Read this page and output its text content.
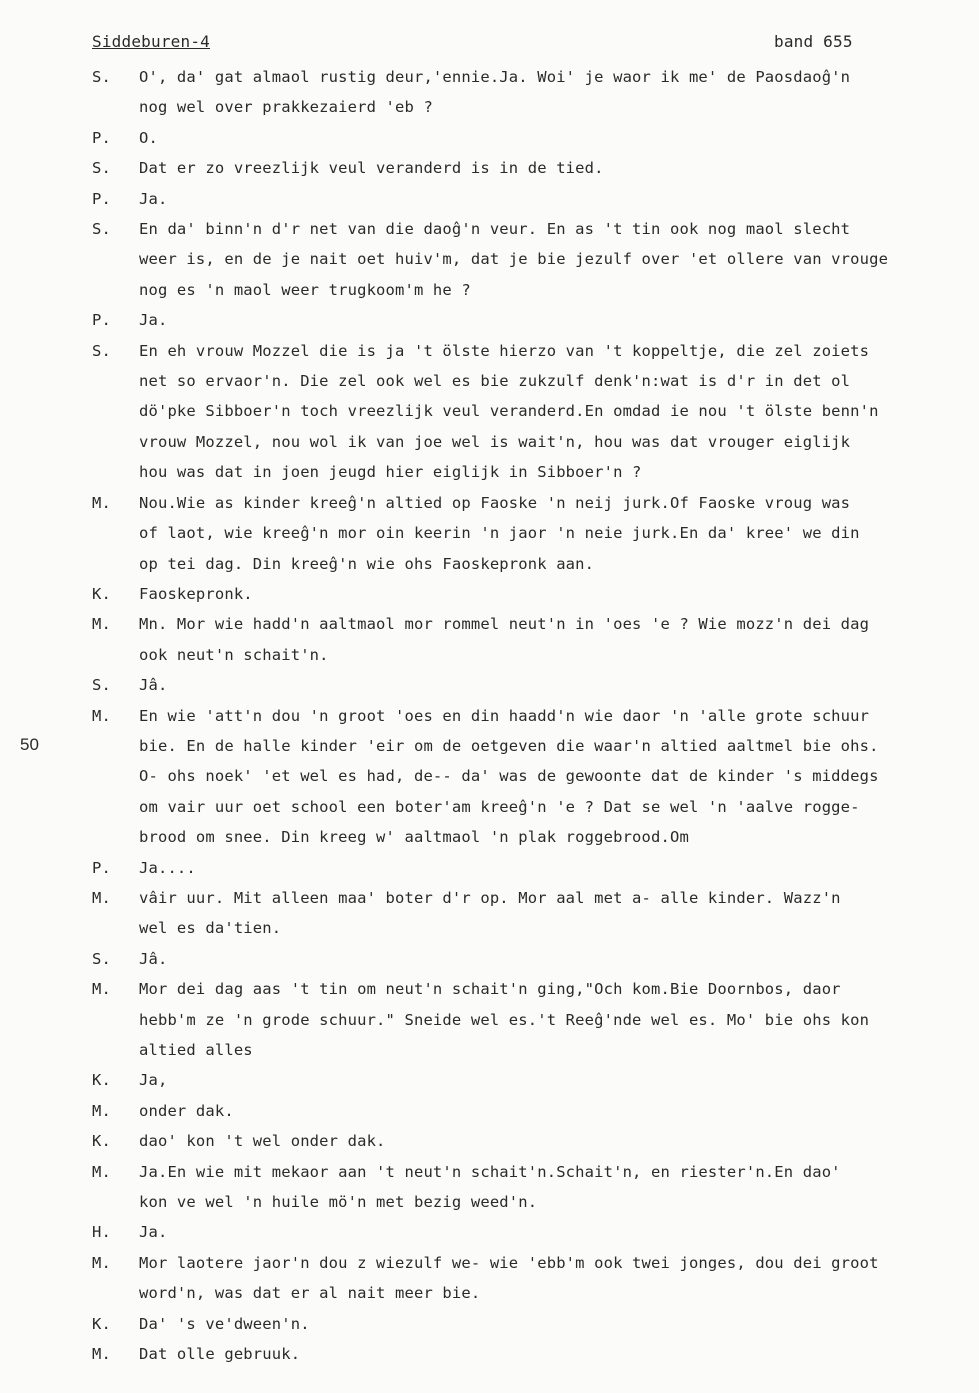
Siddeburen-4	band 655
50
S.	O', da' gat almaol rustig deur,'ennie.Ja. Woi' je waor ik me' de Paosdaoĝ'n
nog wel over prakkezaierd 'eb ?
P.	O.
S.	Dat er zo vreezlijk veul veranderd is in de tied.
P.	Ja.
S.	En da' binn'n d'r net van die daoĝ'n veur. En as 't tin ook nog maol slecht
weer is, en de je nait oet huiv'm, dat je bie jezulf over 'et ollere van vrouge
nog es 'n maol weer trugkoom'm he ?
P.	Ja.
S.	En eh vrouw Mozzel die is ja 't ölste hierzo van 't koppeltje, die zel zoiets
net so ervaor'n. Die zel ook wel es bie zukzulf denk'n:wat is d'r in det ol
dö'pke Sibboer'n toch vreezlijk veul veranderd.En omdad ie nou 't ölste benn'n
vrouw Mozzel, nou wol ik van joe wel is wait'n, hou was dat vrouger eiglijk
hou was dat in joen jeugd hier eiglijk in Sibboer'n ?
M.	Nou.Wie as kinder kreeĝ'n altied op Faoske 'n neij jurk.Of Faoske vroug was
of laot, wie kreeĝ'n mor oin keerin 'n jaor 'n neie jurk.En da' kree' we din
op tei dag. Din kreeĝ'n wie ohs Faoskepronk aan.
K.	Faoskepronk.
M.	Mn. Mor wie hadd'n aaltmaol mor rommel neut'n in 'oes 'e ? Wie mozz'n dei dag
ook neut'n schait'n.
S.	Jâ.
M.	En wie 'att'n dou 'n groot 'oes en din haadd'n wie daor 'n 'alle grote schuur
bie. En de halle kinder 'eir om de oetgeven die waar'n altied aaltmel bie ohs.
O- ohs noek' 'et wel es had, de-- da' was de gewoonte dat de kinder 's middegs
om vair uur oet school een boter'am kreeĝ'n 'e ? Dat se wel 'n 'aalve rogge-
brood om snee. Din kreeg w' aaltmaol 'n plak roggebrood.Om
P.	Ja....
M.	vâir uur. Mit alleen maa' boter d'r op. Mor aal met a- alle kinder. Wazz'n
wel es da'tien.
S.	Jâ.
M.	Mor dei dag aas 't tin om neut'n schait'n ging,"Och kom.Bie Doornbos, daor
hebb'm ze 'n grode schuur." Sneide wel es.'t Reeĝ'nde wel es. Mo' bie ohs kon
altied alles
K.	Ja,
M.	onder dak.
K.	dao' kon 't wel onder dak.
M.	Ja.En wie mit mekaor aan 't neut'n schait'n.Schait'n, en riester'n.En dao'
kon ve wel 'n huile mö'n met bezig weed'n.
H.	Ja.
M.	Mor laotere jaor'n dou z wiezulf we- wie 'ebb'm ook twei jonges, dou dei groot
word'n, was dat er al nait meer bie.
K.	Da' 's ve'dween'n.
M.	Dat olle gebruuk.
